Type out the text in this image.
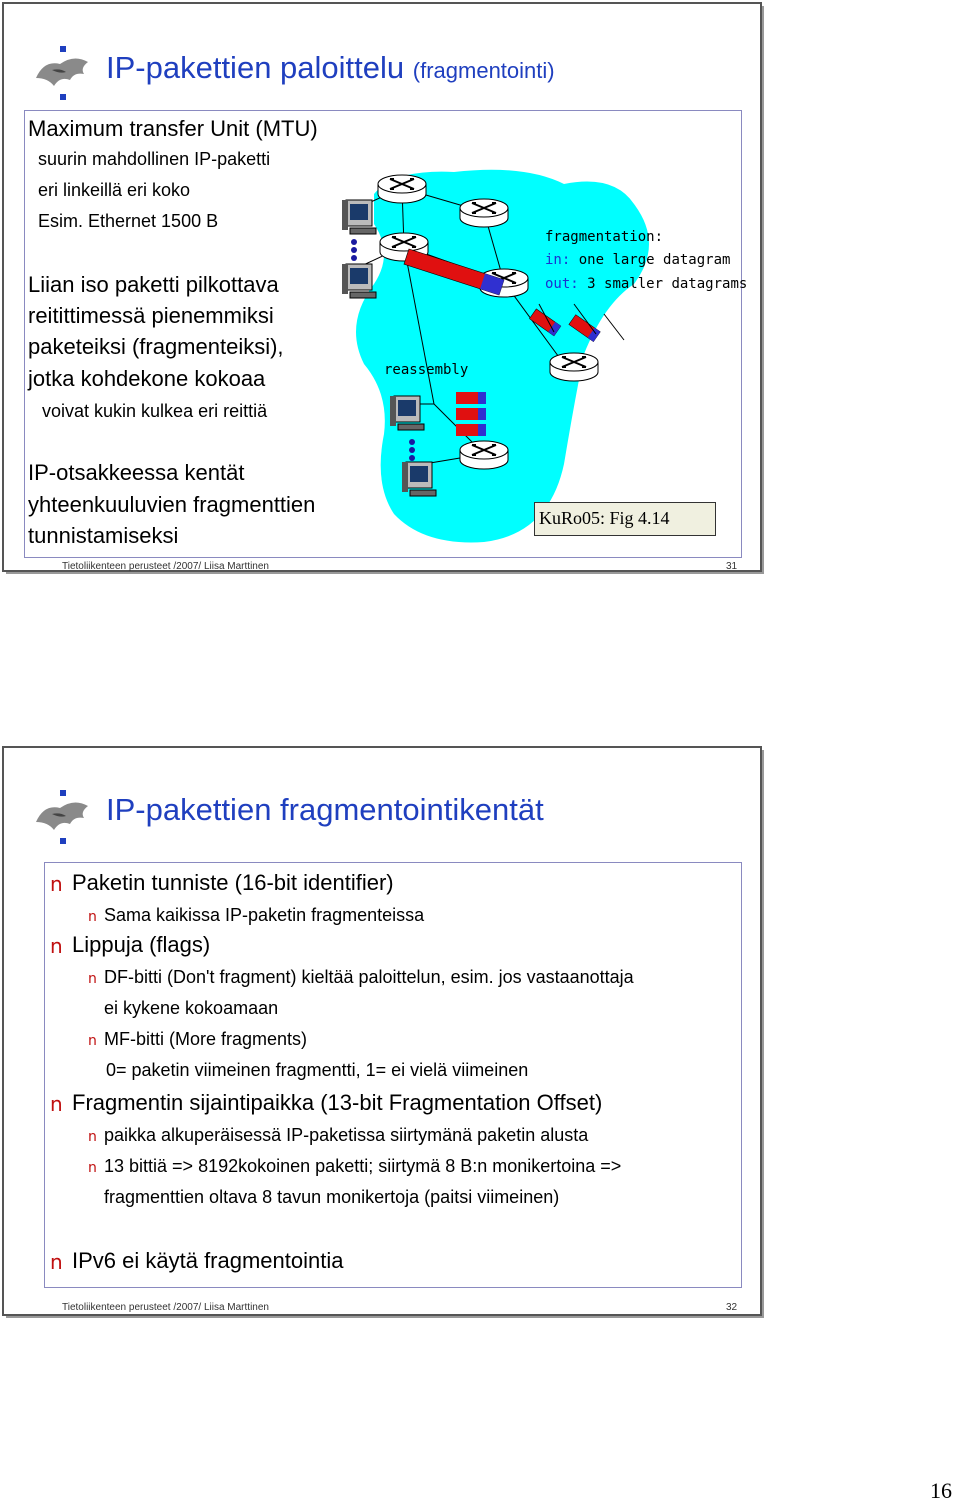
IP-pakettien paloittelu (fragmentointi)
Maximum transfer Unit (MTU)
suurin mahdollinen IP-paketti
eri linkeillä eri koko
Esim. Ethernet 1500 B
Liian iso paketti pilkottava
reitittimessä pienemmiksi
paketeiksi (fragmenteiksi),
jotka kohdekone kokoaa
voivat kukin kulkea eri reittiä
IP-otsakkeessa kentät
yhteenkuuluvien fragmenttien
tunnistamiseksi
fragmentation:
in: one large datagram
out: 3 smaller datagrams
reassembly
KuRo05: Fig 4.14
Tietoliikenteen perusteet /2007/ Liisa Marttinen	31
IP-pakettien fragmentointikentät
n Paketin tunniste (16-bit identifier)
n Sama kaikissa IP-paketin fragmenteissa
n Lippuja (flags)
n DF-bitti (Don't fragment) kieltää paloittelun, esim. jos vastaanottaja
ei kykene kokoamaan
n MF-bitti (More fragments)
0= paketin viimeinen fragmentti, 1= ei vielä viimeinen
n Fragmentin sijaintipaikka (13-bit Fragmentation Offset)
n paikka alkuperäisessä IP-paketissa siirtymänä paketin alusta
n 13 bittiä => 8192kokoinen paketti; siirtymä 8 B:n monikertoina =>
fragmenttien oltava 8 tavun monikertoja (paitsi viimeinen)
n IPv6 ei käytä fragmentointia
Tietoliikenteen perusteet /2007/ Liisa Marttinen	32
16
